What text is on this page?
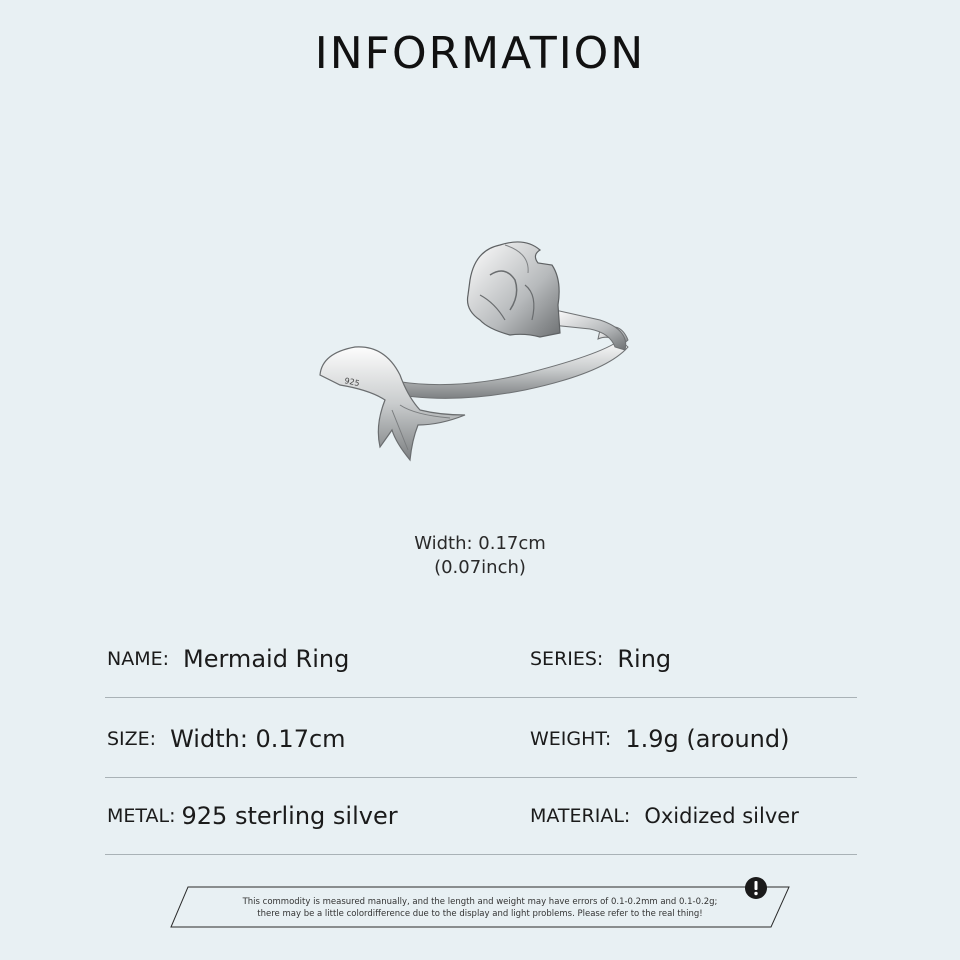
INFORMATION
925
Width: 0.17cm
(0.07inch)
NAME: Mermaid Ring	SERIES: Ring
SIZE: Width: 0.17cm	WEIGHT: 1.9g (around)
METAL: 925 sterling silver	MATERIAL: Oxidized silver
This commodity is measured manually, and the length and weight may have errors of 0.1-0.2mm and 0.1-0.2g;
there may be a little colordifference due to the display and light problems. Please refer to the real thing!
